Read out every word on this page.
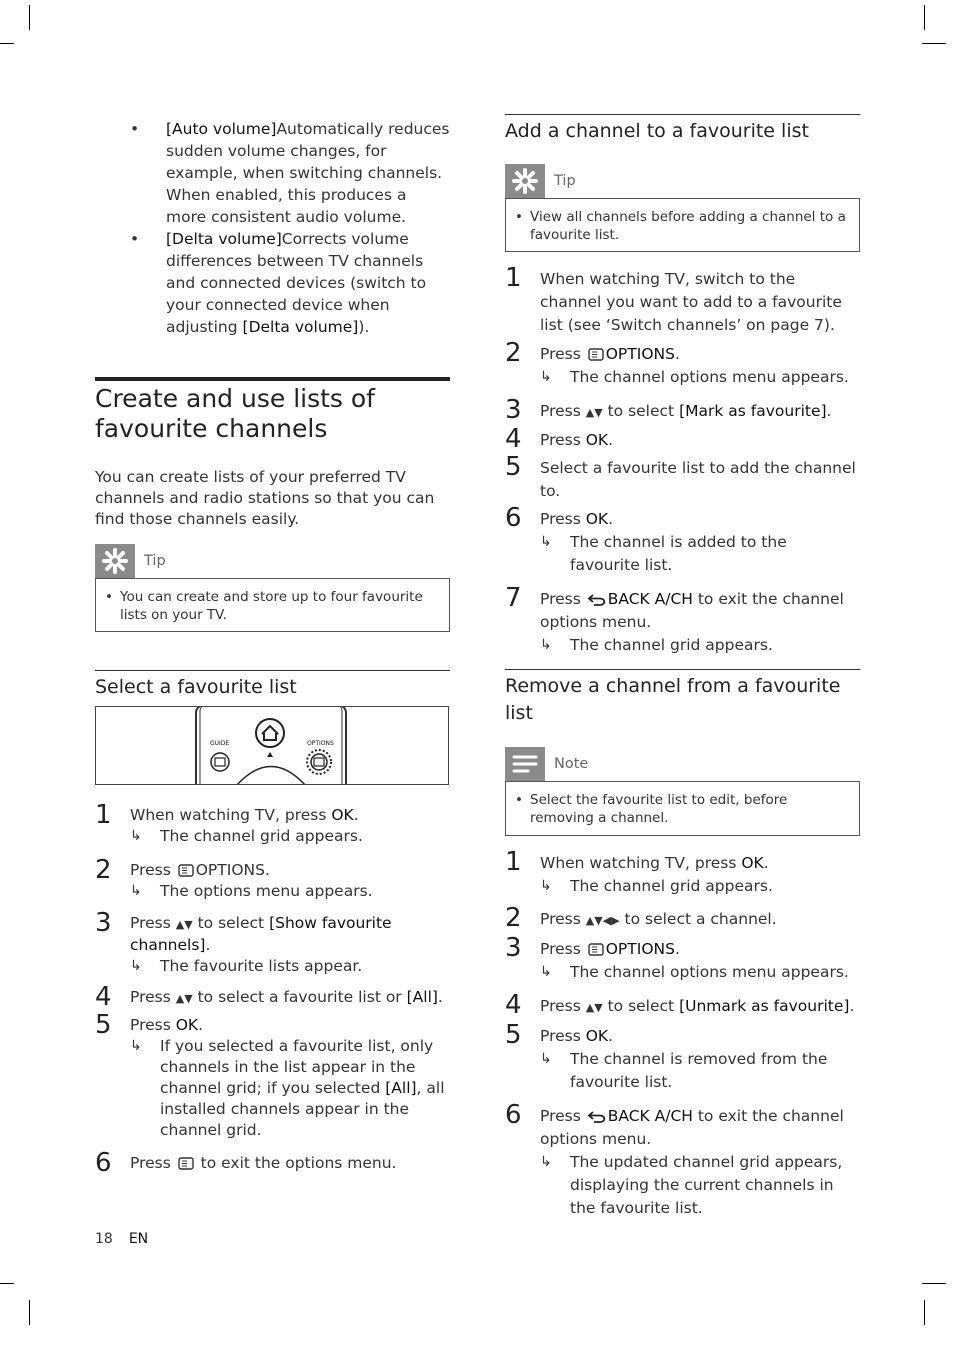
• [Auto volume]Automatically reduces sudden volume changes, for example, when switching channels. When enabled, this produces a more consistent audio volume.
• [Delta volume]Corrects volume differences between TV channels and connected devices (switch to your connected device when adjusting [Delta volume]).
Create and use lists of favourite channels
You can create lists of your preferred TV channels and radio stations so that you can find those channels easily.
Tip
• You can create and store up to four favourite lists on your TV.
Select a favourite list
GUIDE	OPTIONS
1 When watching TV, press OK.
↳ The channel grid appears.
2 Press OPTIONS.
↳ The options menu appears.
3 Press ▲▼ to select [Show favourite channels].
↳ The favourite lists appear.
4 Press ▲▼ to select a favourite list or [All].
5 Press OK.
↳ If you selected a favourite list, only channels in the list appear in the channel grid; if you selected [All], all installed channels appear in the channel grid.
6 Press  to exit the options menu.
Add a channel to a favourite list
Tip
• View all channels before adding a channel to a favourite list.
1 When watching TV, switch to the channel you want to add to a favourite list (see ‘Switch channels’ on page 7).
2 Press OPTIONS.
↳ The channel options menu appears.
3 Press ▲▼ to select [Mark as favourite].
4 Press OK.
5 Select a favourite list to add the channel to.
6 Press OK.
↳ The channel is added to the favourite list.
7 Press BACK A/CH to exit the channel options menu.
↳ The channel grid appears.
Remove a channel from a favourite list
Note
• Select the favourite list to edit, before removing a channel.
1 When watching TV, press OK.
↳ The channel grid appears.
2 Press ▲▼◀▶ to select a channel.
3 Press OPTIONS.
↳ The channel options menu appears.
4 Press ▲▼ to select [Unmark as favourite].
5 Press OK.
↳ The channel is removed from the favourite list.
6 Press BACK A/CH to exit the channel options menu.
↳ The updated channel grid appears, displaying the current channels in the favourite list.
18 EN
